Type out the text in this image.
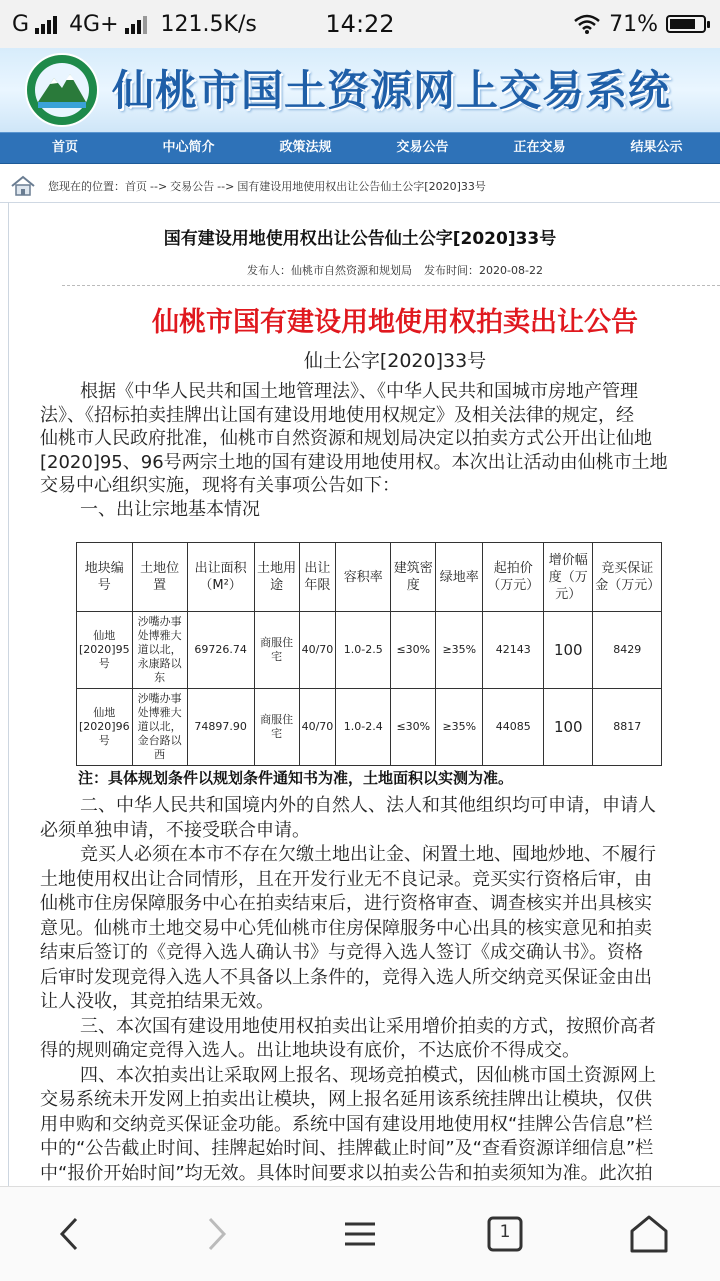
G 4G+ 121.5K/s	14:22	71%
仙桃市国土资源网上交易系统
首页	中心简介	政策法规	交易公告	正在交易	结果公示
您现在的位置： 首页 --> 交易公告 --> 国有建设用地使用权出让公告仙土公字[2020]33号
国有建设用地使用权出让公告仙土公字[2020]33号
发布人：仙桃市自然资源和规划局 发布时间：2020-08-22
仙桃市国有建设用地使用权拍卖出让公告
仙土公字[2020]33号

根据《中华人民共和国土地管理法》、《中华人民共和国城市房地产管理

法》、《招标拍卖挂牌出让国有建设用地使用权规定》及相关法律的规定，经

仙桃市人民政府批准，仙桃市自然资源和规划局决定以拍卖方式公开出让仙地

[2020]95、96号两宗土地的国有建设用地使用权。本次出让活动由仙桃市土地

交易中心组织实施，现将有关事项公告如下：

一、出让宗地基本情况

地块编号	土地位置	出让面积（M²）	土地用途	出让年限	容积率	建筑密度	绿地率	起拍价（万元）	增价幅度（万元）	竞买保证金（万元）
仙地[2020]95号	沙嘴办事处博雅大道以北，永康路以东	69726.74	商服住宅	40/70	1.0-2.5	≤30%	≥35%	42143	100	8429
仙地[2020]96号	沙嘴办事处博雅大道以北，金台路以西	74897.90	商服住宅	40/70	1.0-2.4	≤30%	≥35%	44085	100	8817
注：具体规划条件以规划条件通知书为准，土地面积以实测为准。

二、中华人民共和国境内外的自然人、法人和其他组织均可申请，申请人

必须单独申请，不接受联合申请。

竞买人必须在本市不存在欠缴土地出让金、闲置土地、囤地炒地、不履行

土地使用权出让合同情形，且在开发行业无不良记录。竞买实行资格后审，由

仙桃市住房保障服务中心在拍卖结束后，进行资格审查、调查核实并出具核实

意见。仙桃市土地交易中心凭仙桃市住房保障服务中心出具的核实意见和拍卖

结束后签订的《竞得入选人确认书》与竞得入选人签订《成交确认书》。资格

后审时发现竞得入选人不具备以上条件的，竞得入选人所交纳竞买保证金由出

让人没收，其竞拍结果无效。

三、本次国有建设用地使用权拍卖出让采用增价拍卖的方式，按照价高者

得的规则确定竞得入选人。出让地块设有底价，不达底价不得成交。

四、本次拍卖出让采取网上报名、现场竞拍模式，因仙桃市国土资源网上

交易系统未开发网上拍卖出让模块，网上报名延用该系统挂牌出让模块，仅供

用申购和交纳竞买保证金功能。系统中国有建设用地使用权“挂牌公告信息”栏

中的“公告截止时间、挂牌起始时间、挂牌截止时间”及“查看资源详细信息”栏

中“报价开始时间”均无效。具体时间要求以拍卖公告和拍卖须知为准。此次拍

1
